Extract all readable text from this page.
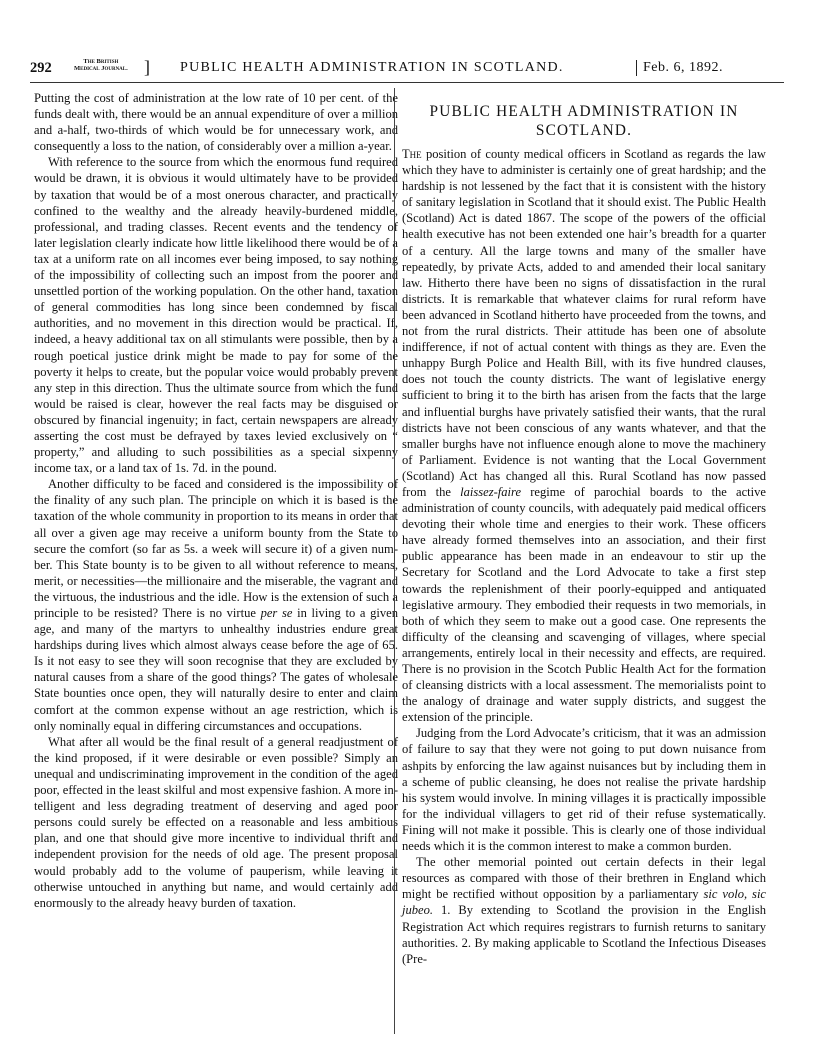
292	The British
Medical Journal. ] PUBLIC HEALTH ADMINISTRATION IN SCOTLAND.	Feb. 6, 1892.

Putting the cost of administration at the low rate of 10 per cent. of the funds dealt with, there would be an annual expenditure of over a million and a-half, two-thirds of which would be for unnecessary work, and consequently a loss to the nation, of considerably over a million a-year.

With reference to the source from which the enormous fund required would be drawn, it is obvious it would ultimately have to be provided by taxation that would be of a most onerous character, and practically confined to the wealthy and the already heavily-burdened middle, professional, and trading classes. Recent events and the tendency of later legislation clearly indicate how little likelihood there would be of a tax at a uniform rate on all incomes ever being imposed, to say nothing of the impossibility of collecting such an impost from the poorer and unsettled portion of the working population. On the other hand, taxation of general commodities has long since been condemned by fiscal authorities, and no movement in this direction would be practical. If, indeed, a heavy additional tax on all stimulants were possible, then by a rough poetical justice drink might be made to pay for some of the poverty it helps to create, but the popular voice would probably prevent any step in this direction. Thus the ultimate source from which the fund would be raised is clear, however the real facts may be disguised or obscured by financial ingenuity; in fact, certain newspapers are already asserting the cost must be defrayed by taxes levied exclusively on “ property,” and alluding to such possibilities as a special sixpenny income tax, or a land tax of 1s. 7d. in the pound.

Another difficulty to be faced and considered is the impossibility of the finality of any such plan. The principle on which it is based is the taxation of the whole community in proportion to its means in order that all over a given age may receive a uniform bounty from the State to secure the comfort (so far as 5s. a week will secure it) of a given number. This State bounty is to be given to all without reference to means, merit, or necessities—the millionaire and the miserable, the vagrant and the virtuous, the industrious and the idle. How is the extension of such a principle to be resisted? There is no virtue per se in living to a given age, and many of the martyrs to unhealthy industries endure great hardships during lives which almost always cease before the age of 65. Is it not easy to see they will soon recognise that they are excluded by natural causes from a share of the good things? The gates of wholesale State bounties once open, they will naturally desire to enter and claim comfort at the common expense without an age restriction, which is only nominally equal in differing circumstances and occupations.

What after all would be the final result of a general readjustment of the kind proposed, if it were desirable or even possible? Simply an unequal and undiscriminating improvement in the condition of the aged poor, effected in the least skilful and most expensive fashion. A more intelligent and less degrading treatment of deserving and aged poor persons could surely be effected on a reasonable and less ambitious plan, and one that should give more incentive to individual thrift and independent provision for the needs of old age. The present proposal would probably add to the volume of pauperism, while leaving it otherwise untouched in anything but name, and would certainly add enormously to the already heavy burden of taxation.

PUBLIC HEALTH ADMINISTRATION IN
SCOTLAND.

The position of county medical officers in Scotland as regards the law which they have to administer is certainly one of great hardship; and the hardship is not lessened by the fact that it is consistent with the history of sanitary legislation in Scotland that it should exist. The Public Health (Scotland) Act is dated 1867. The scope of the powers of the official health executive has not been extended one hair’s breadth for a quarter of a century. All the large towns and many of the smaller have repeatedly, by private Acts, added to and amended their local sanitary law. Hitherto there have been no signs of dissatisfaction in the rural districts. It is remarkable that whatever claims for rural reform have been advanced in Scotland hitherto have proceeded from the towns, and not from the rural districts. Their attitude has been one of absolute indifference, if not of actual content with things as they are. Even the unhappy Burgh Police and Health Bill, with its five hundred clauses, does not touch the county districts. The want of legislative energy sufficient to bring it to the birth has arisen from the facts that the large and influential burghs have privately satisfied their wants, that the rural districts have not been conscious of any wants whatever, and that the smaller burghs have not influence enough alone to move the machinery of Parliament. Evidence is not wanting that the Local Government (Scotland) Act has changed all this. Rural Scotland has now passed from the laissez-faire regime of parochial boards to the active administration of county councils, with adequately paid medical officers devoting their whole time and energies to their work. These officers have already formed themselves into an association, and their first public appearance has been made in an endeavour to stir up the Secretary for Scotland and the Lord Advocate to take a first step towards the replenishment of their poorly-equipped and antiquated legislative armoury. They embodied their requests in two memorials, in both of which they seem to make out a good case. One represents the difficulty of the cleansing and scavenging of villages, where special arrangements, entirely local in their necessity and effects, are required. There is no provision in the Scotch Public Health Act for the formation of cleansing districts with a local assessment. The memorialists point to the analogy of drainage and water supply districts, and suggest the extension of the principle.

Judging from the Lord Advocate’s criticism, that it was an admission of failure to say that they were not going to put down nuisance from ashpits by enforcing the law against nuisances but by including them in a scheme of public cleansing, he does not realise the private hardship his system would involve. In mining villages it is practically impossible for the individual villagers to get rid of their refuse systematically. Fining will not make it possible. This is clearly one of those individual needs which it is the common interest to make a common burden.

The other memorial pointed out certain defects in their legal resources as compared with those of their brethren in England which might be rectified without opposition by a parliamentary sic volo, sic jubeo. 1. By extending to Scotland the provision in the English Registration Act which requires registrars to furnish returns to sanitary authorities. 2. By making applicable to Scotland the Infectious Diseases (Pre-
